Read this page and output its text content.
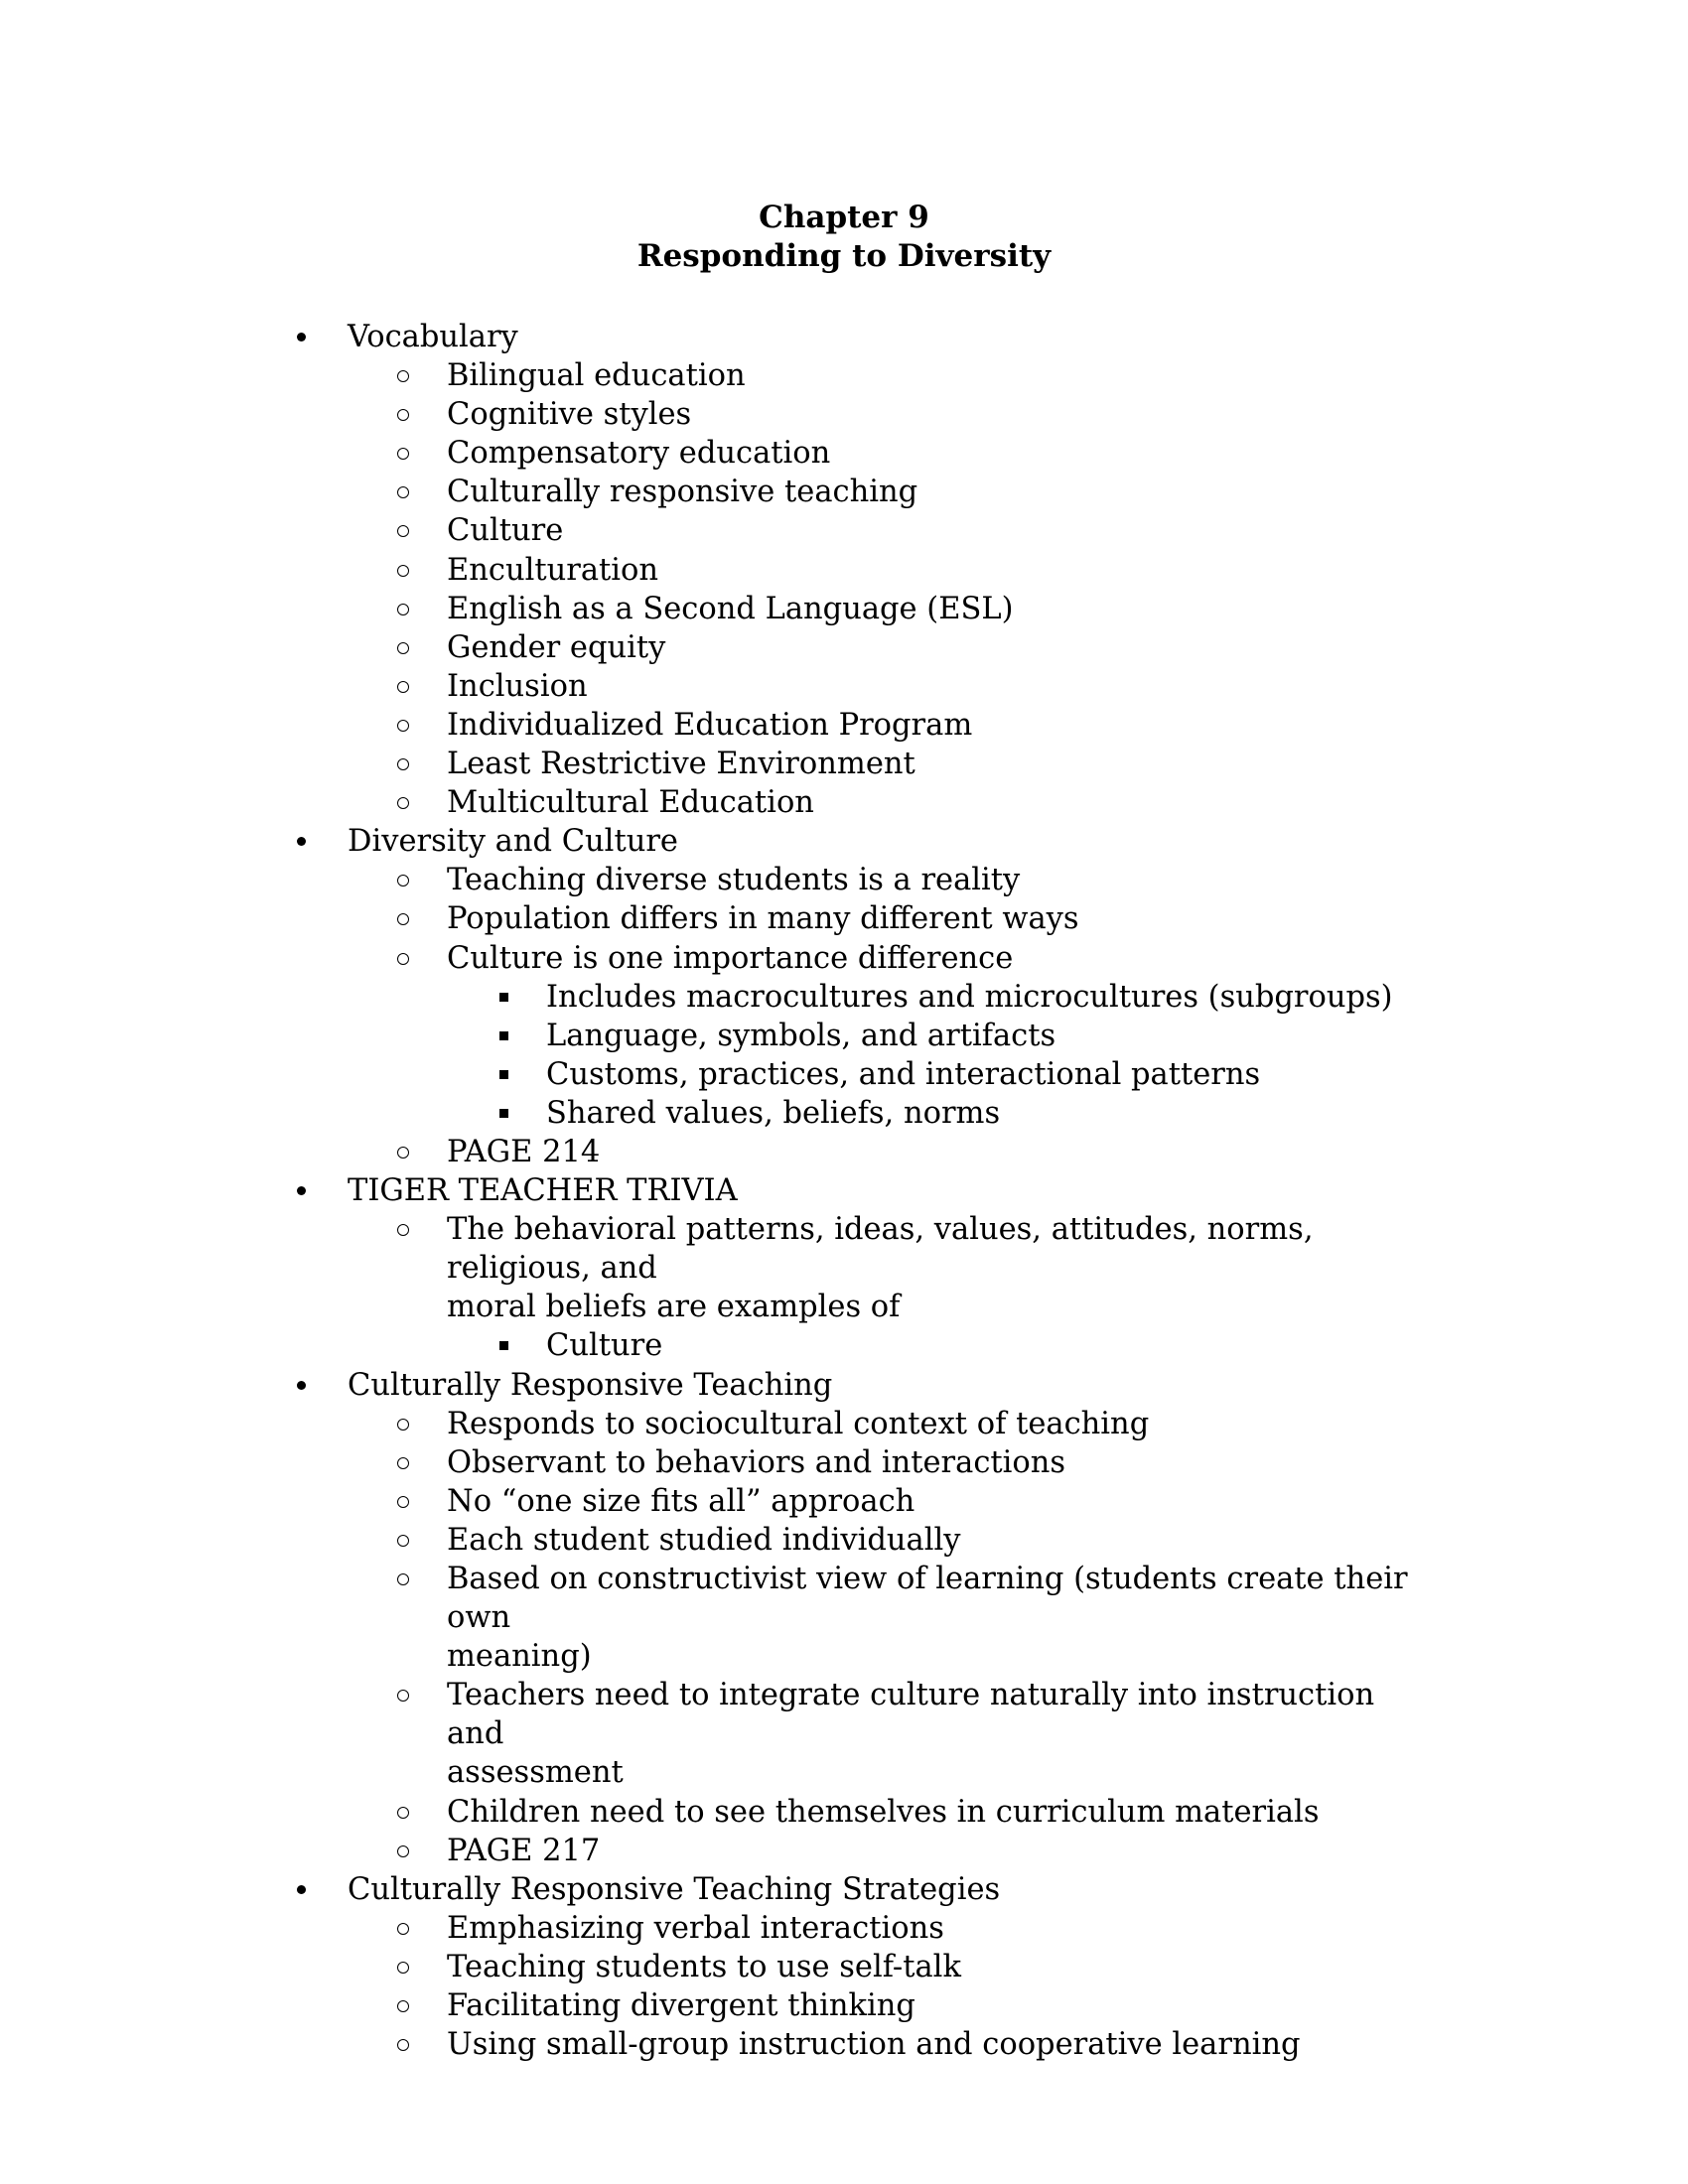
Chapter 9
Responding to Diversity
Vocabulary
Bilingual education
Cognitive styles
Compensatory education
Culturally responsive teaching
Culture
Enculturation
English as a Second Language (ESL)
Gender equity
Inclusion
Individualized Education Program
Least Restrictive Environment
Multicultural Education
Diversity and Culture
Teaching diverse students is a reality
Population differs in many different ways
Culture is one importance difference
Includes macrocultures and microcultures (subgroups)
Language, symbols, and artifacts
Customs, practices, and interactional patterns
Shared values, beliefs, norms
PAGE 214
TIGER TEACHER TRIVIA
The behavioral patterns, ideas, values, attitudes, norms, religious, and
moral beliefs are examples of
Culture
Culturally Responsive Teaching
Responds to sociocultural context of teaching
Observant to behaviors and interactions
No “one size fits all” approach
Each student studied individually
Based on constructivist view of learning (students create their own
meaning)
Teachers need to integrate culture naturally into instruction and
assessment
Children need to see themselves in curriculum materials
PAGE 217
Culturally Responsive Teaching Strategies
Emphasizing verbal interactions
Teaching students to use self-talk
Facilitating divergent thinking
Using small-group instruction and cooperative learning
